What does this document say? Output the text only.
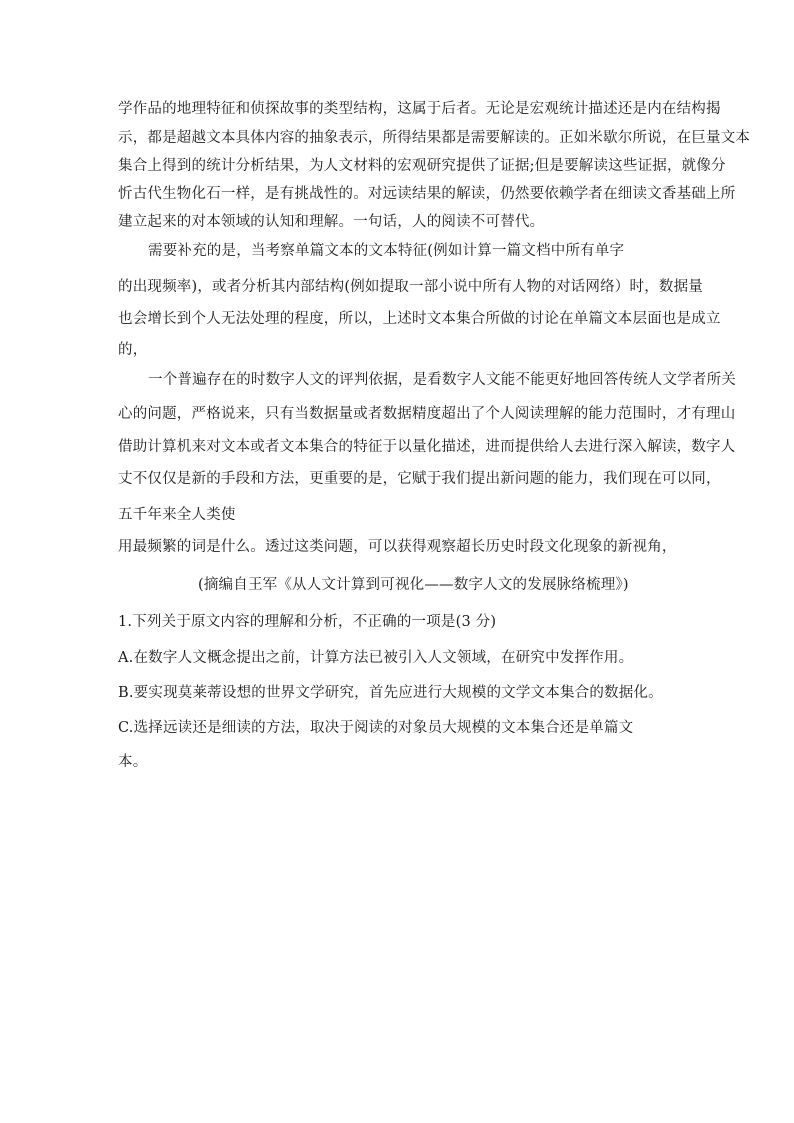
学作品的地理特征和侦探故事的类型结构，这属于后者。无论是宏观统计描述还是内在结构揭
示，都是超越文本具体内容的抽象表示，所得结果都是需要解读的。正如米歇尔所说，在巨量文本
集合上得到的统计分析结果，为人文材料的宏观研究提供了证据;但是要解读这些证据，就像分
忻古代生物化石一样，是有挑战性的。对远读结果的解读，仍然要依赖学者在细读文香基础上所
建立起来的对本领域的认知和理解。一句话，人的阅读不可替代。
需要补充的是，当考察单篇文本的文本特征(例如计算一篇文档中所有单字
的出现频率)，或者分析其内部结构(例如提取一部小说中所有人物的对话网络）时，数据量
也会增长到个人无法处理的程度，所以，上述时文本集合所做的讨论在单篇文本层面也是成立
的，
一个普遍存在的时数字人文的评判依据，是看数字人文能不能更好地回答传统人文学者所关
心的问题，严格说来，只有当数据量或者数据精度超出了个人阅读理解的能力范围时，才有理山
借助计算机来对文本或者文本集合的特征于以量化描述，进而提供给人去进行深入解读，数字人
丈不仅仅是新的手段和方法，更重要的是，它赋于我们提出新问题的能力，我们现在可以同，
五千年来全人类使
用最频繁的词是什么。透过这类问题，可以获得观察超长历史时段文化现象的新视角，
(摘编自王军《从人文计算到可视化——数字人文的发展脉络梳理》)
1.下列关于原文内容的理解和分析，不正确的一项是(3 分)
A.在数字人文概念提出之前，计算方法已被引入人文领域，在研究中发挥作用。
B.要实现莫莱蒂设想的世界文学研究，首先应进行大规模的文学文本集合的数据化。
C.选择远读还是细读的方法，取决于阅读的对象员大规模的文本集合还是单篇文
本。
